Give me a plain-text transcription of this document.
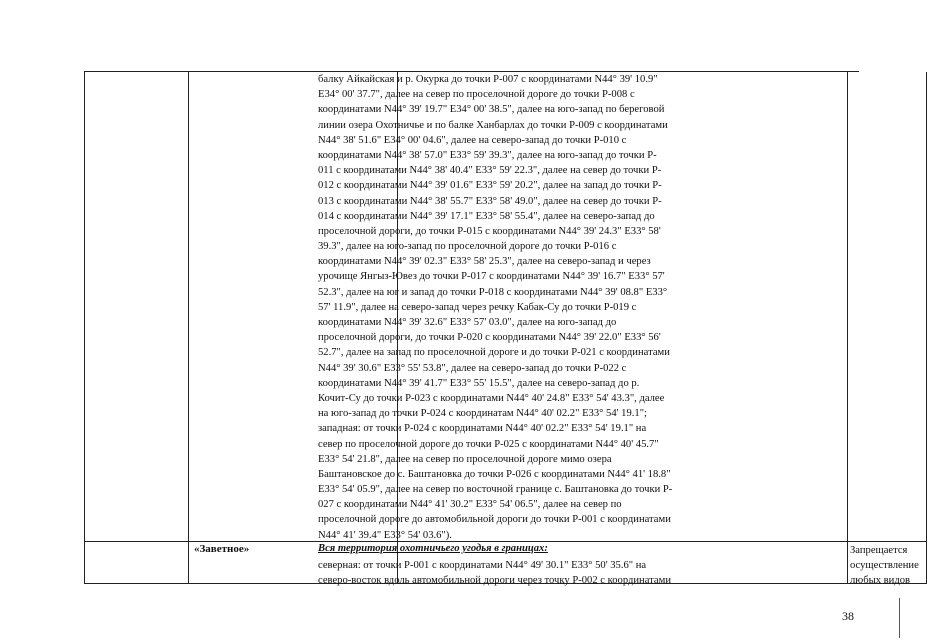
балку Айкайская и р. Окурка до точки P-007 с координатами N44° 39' 10.9"
E34° 00' 37.7", далее на север по проселочной дороге до точки P-008 с
координатами N44° 39' 19.7" E34° 00' 38.5", далее на юго-запад по береговой
линии озера Охотничье и по балке Ханбарлах до точки P-009 с координатами
N44° 38' 51.6" E34° 00' 04.6", далее на северо-запад до точки P-010 с
координатами N44° 38' 57.0" E33° 59' 39.3", далее на юго-запад до точки P-
011 с координатами N44° 38' 40.4" E33° 59' 22.3", далее на север до точки P-
012 с координатами N44° 39' 01.6" E33° 59' 20.2", далее на запад до точки P-
013 с координатами N44° 38' 55.7" E33° 58' 49.0", далее на север до точки P-
014 с координатами N44° 39' 17.1" E33° 58' 55.4", далее на северо-запад до
проселочной дороги, до точки P-015 с координатами N44° 39' 24.3" E33° 58'
39.3", далее на юго-запад по проселочной дороге до точки P-016 с
координатами N44° 39' 02.3" E33° 58' 25.3", далее на северо-запад и через
урочище Янгыз-Ювез до точки P-017 с координатами N44° 39' 16.7" E33° 57'
52.3", далее на юг и запад до точки P-018 с координатами N44° 39' 08.8" E33°
57' 11.9", далее на северо-запад через речку Кабак-Су до точки P-019 с
координатами N44° 39' 32.6" E33° 57' 03.0", далее на юго-запад до
проселочной дороги, до точки P-020 с координатами N44° 39' 22.0" E33° 56'
52.7", далее на запад по проселочной дороге и до точки P-021 с координатами
N44° 39' 30.6" E33° 55' 53.8", далее на северо-запад до точки P-022 с
координатами N44° 39' 41.7" E33° 55' 15.5", далее на северо-запад до р.
Кочит-Су до точки P-023 с координатами N44° 40' 24.8" E33° 54' 43.3", далее
на юго-запад до точки P-024 с координатам N44° 40' 02.2" E33° 54' 19.1";
западная: от точки P-024 с координатами N44° 40' 02.2" E33° 54' 19.1" на
север по проселочной дороге до точки P-025 с координатами N44° 40' 45.7"
E33° 54' 21.8", далее на север по проселочной дороге мимо озера
Баштановское до с. Баштановка до точки P-026 с координатами N44° 41' 18.8"
E33° 54' 05.9", далее на север по восточной границе с. Баштановка до точки P-
027 с координатами N44° 41' 30.2" E33° 54' 06.5", далее на север по
проселочной дороге до автомобильной дороги до точки P-001 с координатами
N44° 41' 39.4" E33° 54' 03.6").
«Заветное»	Вся территория охотничьего угодья в границах:
северная: от точки P-001 с координатами N44° 49' 30.1" E33° 50' 35.6" на
северо-восток вдоль автомобильной дороги через точку P-002 с координатами
Запрещается
осуществление
любых видов
38
